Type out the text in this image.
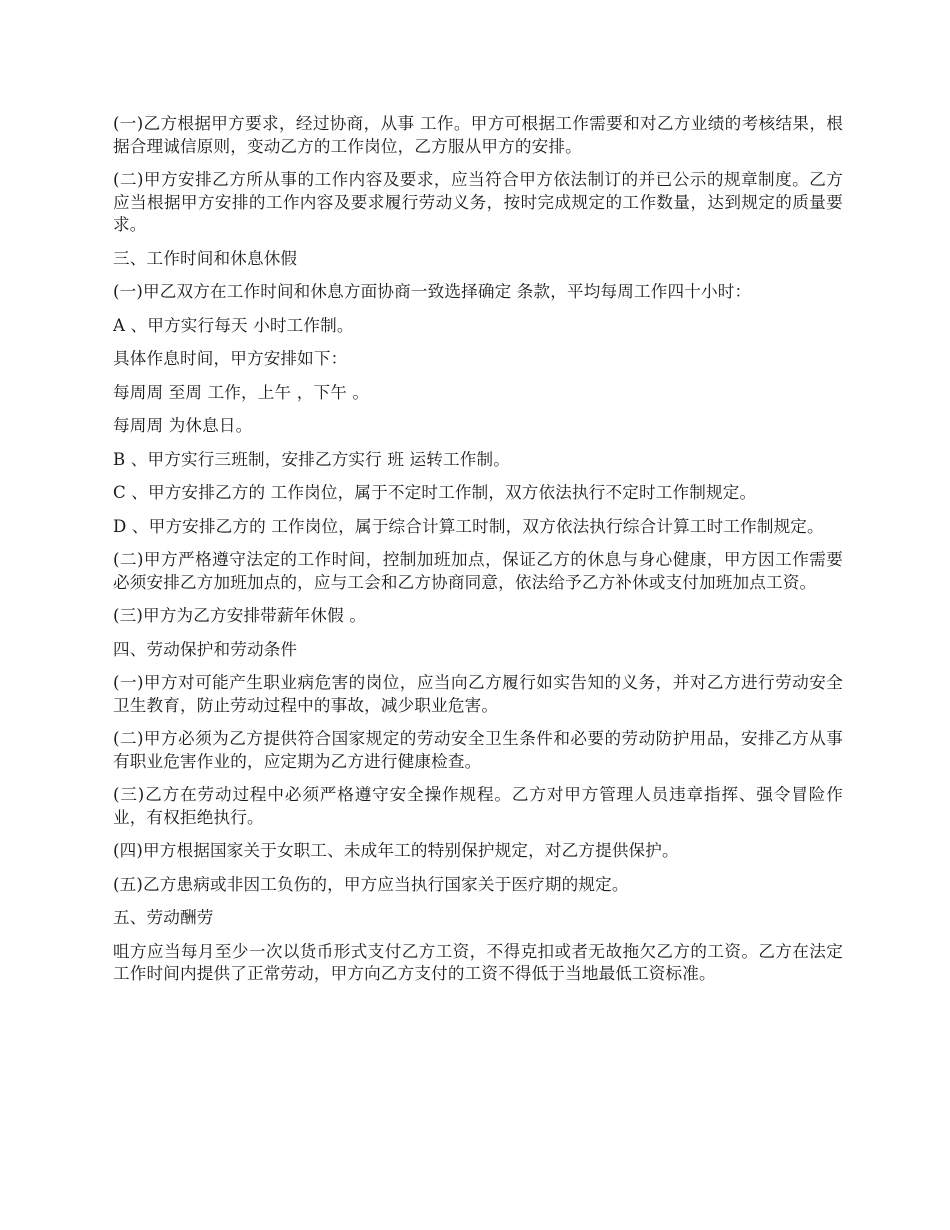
(一)乙方根据甲方要求，经过协商，从事 工作。甲方可根据工作需要和对乙方业绩的考核结果，根据合理诚信原则，变动乙方的工作岗位，乙方服从甲方的安排。

(二)甲方安排乙方所从事的工作内容及要求，应当符合甲方依法制订的并已公示的规章制度。乙方应当根据甲方安排的工作内容及要求履行劳动义务，按时完成规定的工作数量，达到规定的质量要求。

三、工作时间和休息休假

(一)甲乙双方在工作时间和休息方面协商一致选择确定 条款，平均每周工作四十小时：

A 、甲方实行每天 小时工作制。

具体作息时间，甲方安排如下：

每周周 至周 工作，上午 ，下午 。

每周周 为休息日。

B 、甲方实行三班制，安排乙方实行 班 运转工作制。

C 、甲方安排乙方的 工作岗位，属于不定时工作制，双方依法执行不定时工作制规定。

D 、甲方安排乙方的 工作岗位，属于综合计算工时制，双方依法执行综合计算工时工作制规定。

(二)甲方严格遵守法定的工作时间，控制加班加点，保证乙方的休息与身心健康，甲方因工作需要必须安排乙方加班加点的，应与工会和乙方协商同意，依法给予乙方补休或支付加班加点工资。

(三)甲方为乙方安排带薪年休假 。

四、劳动保护和劳动条件

(一)甲方对可能产生职业病危害的岗位，应当向乙方履行如实告知的义务，并对乙方进行劳动安全卫生教育，防止劳动过程中的事故，减少职业危害。

(二)甲方必须为乙方提供符合国家规定的劳动安全卫生条件和必要的劳动防护用品，安排乙方从事有职业危害作业的，应定期为乙方进行健康检查。

(三)乙方在劳动过程中必须严格遵守安全操作规程。乙方对甲方管理人员违章指挥、强令冒险作业，有权拒绝执行。

(四)甲方根据国家关于女职工、未成年工的特别保护规定，对乙方提供保护。

(五)乙方患病或非因工负伤的，甲方应当执行国家关于医疗期的规定。

五、劳动酬劳

咀方应当每月至少一次以货币形式支付乙方工资，不得克扣或者无故拖欠乙方的工资。乙方在法定工作时间内提供了正常劳动，甲方向乙方支付的工资不得低于当地最低工资标准。
